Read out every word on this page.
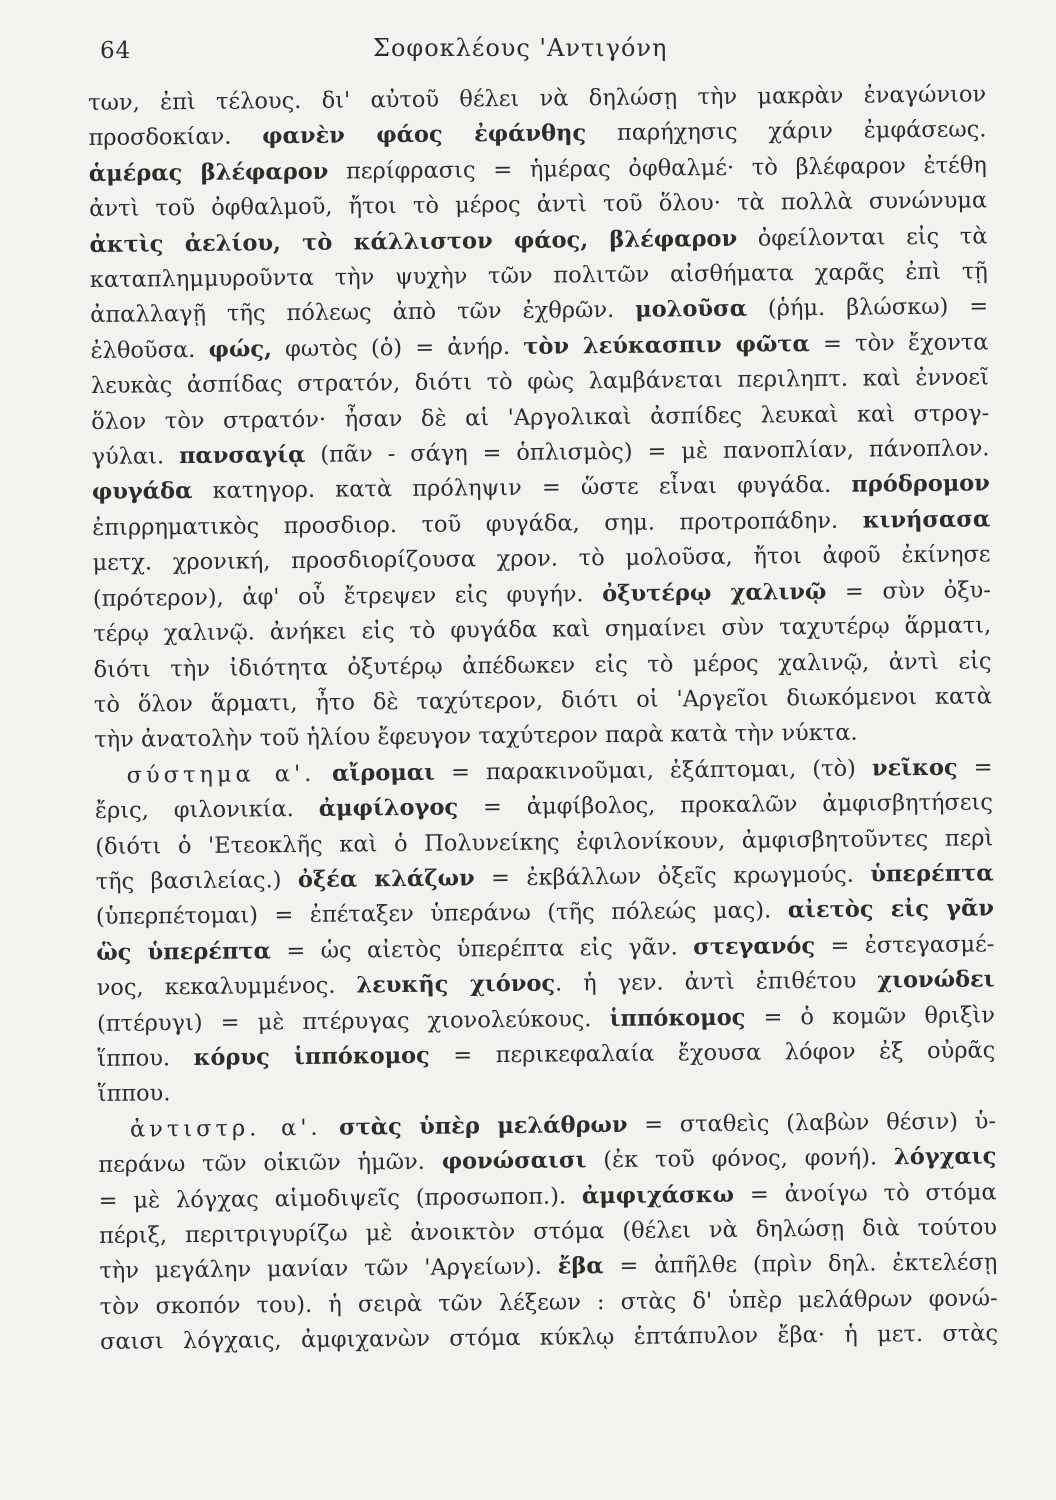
64	Σοφοκλέους 'Αντιγόνη
των, ἐπὶ τέλους. δι' αὐτοῦ θέλει νὰ δηλώσῃ τὴν μακρὰν ἐναγώνιον
προσδοκίαν. φανὲν φάος ἐφάνθης παρήχησις χάριν ἐμφάσεως.
ἁμέρας βλέφαρον περίφρασις = ἡμέρας ὀφθαλμέ· τὸ βλέφαρον ἐτέθη
ἀντὶ τοῦ ὀφθαλμοῦ, ἤτοι τὸ μέρος ἀντὶ τοῦ ὅλου· τὰ πολλὰ συνώνυμα
ἀκτὶς ἀελίου, τὸ κάλλιστον φάος, βλέφαρον ὀφείλονται εἰς τὰ
καταπλημμυροῦντα τὴν ψυχὴν τῶν πολιτῶν αἰσθήματα χαρᾶς ἐπὶ τῇ
ἀπαλλαγῇ τῆς πόλεως ἀπὸ τῶν ἐχθρῶν. μολοῦσα (ῥήμ. βλώσκω) =
ἐλθοῦσα. φώς, φωτὸς (ὁ) = ἀνήρ. τὸν λεύκασπιν φῶτα = τὸν ἔχοντα
λευκὰς ἀσπίδας στρατόν, διότι τὸ φὼς λαμβάνεται περιληπτ. καὶ ἐννοεῖ
ὅλον τὸν στρατόν· ἦσαν δὲ αἱ 'Αργολικαὶ ἀσπίδες λευκαὶ καὶ στρογ-
γύλαι. πανσαγίᾳ (πᾶν - σάγη = ὁπλισμὸς) = μὲ πανοπλίαν, πάνοπλον.
φυγάδα κατηγορ. κατὰ πρόληψιν = ὥστε εἶναι φυγάδα. πρόδρομον
ἐπιρρηματικὸς προσδιορ. τοῦ φυγάδα, σημ. προτροπάδην. κινήσασα
μετχ. χρονική, προσδιορίζουσα χρον. τὸ μολοῦσα, ἤτοι ἀφοῦ ἐκίνησε
(πρότερον), ἀφ' οὗ ἔτρεψεν εἰς φυγήν. ὀξυτέρῳ χαλινῷ = σὺν ὀξυ-
τέρῳ χαλινῷ. ἀνήκει εἰς τὸ φυγάδα καὶ σημαίνει σὺν ταχυτέρῳ ἅρματι,
διότι τὴν ἰδιότητα ὀξυτέρῳ ἀπέδωκεν εἰς τὸ μέρος χαλινῷ, ἀντὶ εἰς
τὸ ὅλον ἅρματι, ἦτο δὲ ταχύτερον, διότι οἱ 'Αργεῖοι διωκόμενοι κατὰ
τὴν ἀνατολὴν τοῦ ἡλίου ἔφευγον ταχύτερον παρὰ κατὰ τὴν νύκτα.
σύστημα α'. αἴρομαι = παρακινοῦμαι, ἐξάπτομαι, (τὸ) νεῖκος =
ἔρις, φιλονικία. ἀμφίλογος = ἀμφίβολος, προκαλῶν ἀμφισβητήσεις
(διότι ὁ 'Ετεοκλῆς καὶ ὁ Πολυνείκης ἐφιλονίκουν, ἀμφισβητοῦντες περὶ
τῆς βασιλείας.) ὀξέα κλάζων = ἐκβάλλων ὀξεῖς κρωγμούς. ὑπερέπτα
(ὑπερπέτομαι) = ἐπέταξεν ὑπεράνω (τῆς πόλεώς μας). αἰετὸς εἰς γᾶν
ὣς ὑπερέπτα = ὡς αἰετὸς ὑπερέπτα εἰς γᾶν. στεγανός = ἐστεγασμέ-
νος, κεκαλυμμένος. λευκῆς χιόνος. ἡ γεν. ἀντὶ ἐπιθέτου χιονώδει
(πτέρυγι) = μὲ πτέρυγας χιονολεύκους. ἱππόκομος = ὁ κομῶν θριξὶν
ἵππου. κόρυς ἱππόκομος = περικεφαλαία ἔχουσα λόφον ἐξ οὐρᾶς
ἵππου.
ἀντιστρ. α'. στὰς ὑπὲρ μελάθρων = σταθεὶς (λαβὼν θέσιν) ὑ-
περάνω τῶν οἰκιῶν ἡμῶν. φονώσαισι (ἐκ τοῦ φόνος, φονή). λόγχαις
= μὲ λόγχας αἱμοδιψεῖς (προσωποπ.). ἀμφιχάσκω = ἀνοίγω τὸ στόμα
πέριξ, περιτριγυρίζω μὲ ἀνοικτὸν στόμα (θέλει νὰ δηλώσῃ διὰ τούτου
τὴν μεγάλην μανίαν τῶν 'Αργείων). ἔβα = ἀπῆλθε (πρὶν δηλ. ἐκτελέσῃ
τὸν σκοπόν του). ἡ σειρὰ τῶν λέξεων : στὰς δ' ὑπὲρ μελάθρων φονώ-
σαισι λόγχαις, ἀμφιχανὼν στόμα κύκλῳ ἑπτάπυλον ἔβα· ἡ μετ. στὰς
